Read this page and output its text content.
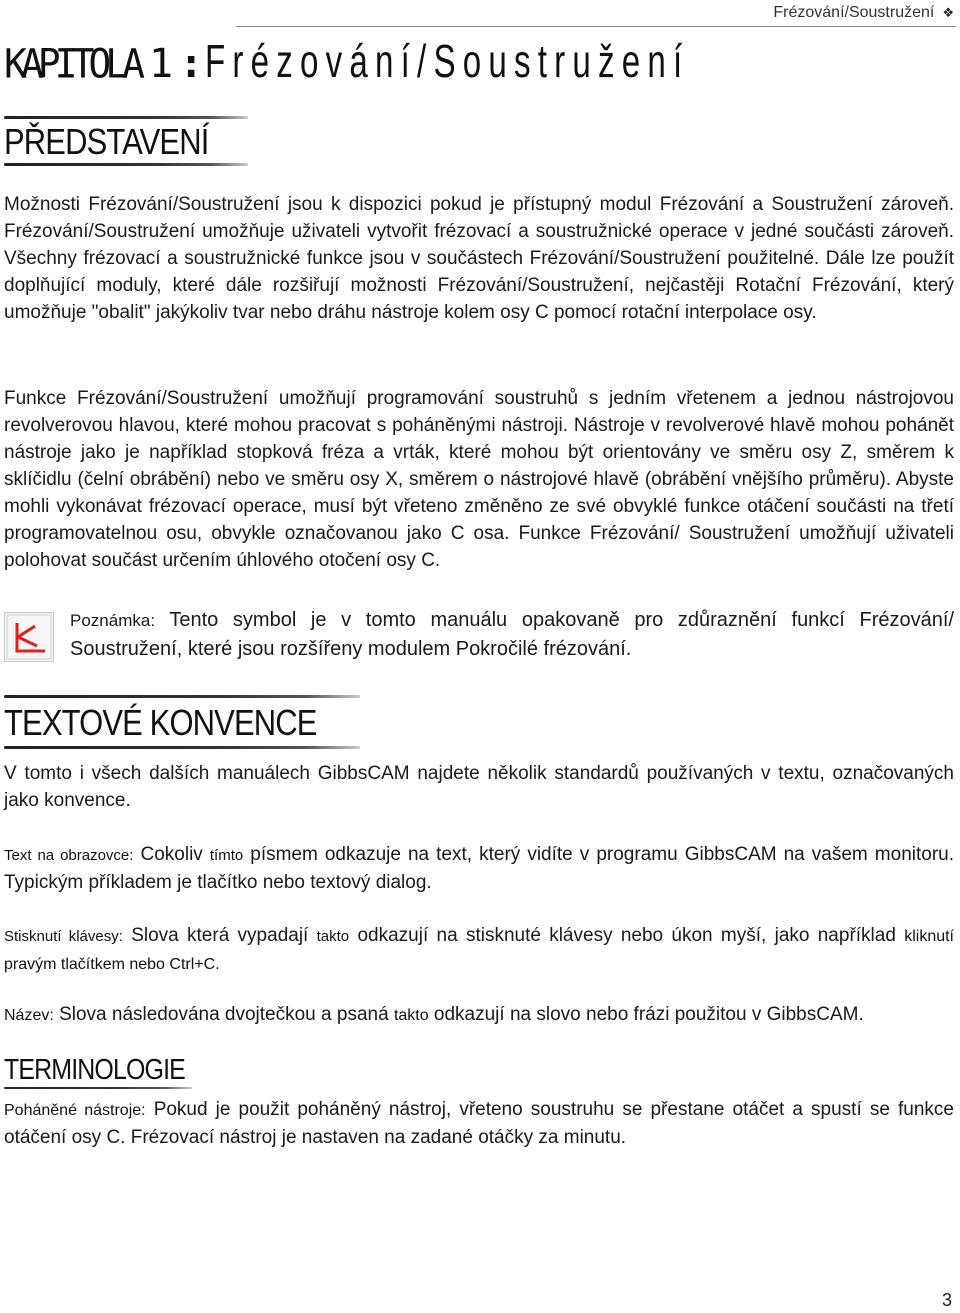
Frézování/Soustružení ❖
KAPITOLA 1 :Frézování/Soustružení
PŘEDSTAVENÍ

Možnosti Frézování/Soustružení jsou k dispozici pokud je přístupný modul Frézování a Soustružení zároveň. Frézování/Soustružení umožňuje uživateli vytvořit frézovací a soustružnické operace v jedné součásti zároveň. Všechny frézovací a soustružnické funkce jsou v součástech Frézování/Soustružení použitelné. Dále lze použít doplňující moduly, které dále rozšiřují možnosti Frézování/Soustružení, nejčastěji Rotační Frézování, který umožňuje "obalit" jakýkoliv tvar nebo dráhu nástroje kolem osy C pomocí rotační interpolace osy.

Funkce Frézování/Soustružení umožňují programování soustruhů s jedním vřetenem a jednou nástrojovou revolverovou hlavou, které mohou pracovat s poháněnými nástroji. Nástroje v revolverové hlavě mohou pohánět nástroje jako je například stopková fréza a vrták, které mohou být orientovány ve směru osy Z, směrem k sklíčidlu (čelní obrábění) nebo ve směru osy X, směrem o nástrojové hlavě (obrábění vnějšího průměru). Abyste mohli vykonávat frézovací operace, musí být vřeteno změněno ze své obvyklé funkce otáčení součásti na třetí programovatelnou osu, obvykle označovanou jako C osa. Funkce Frézování/ Soustružení umožňují uživateli polohovat součást určením úhlového otočení osy C.

Poznámka: Tento symbol je v tomto manuálu opakovaně pro zdůraznění funkcí Frézování/ Soustružení, které jsou rozšířeny modulem Pokročilé frézování.
TEXTOVÉ KONVENCE

V tomto i všech dalších manuálech GibbsCAM najdete několik standardů používaných v textu, označovaných jako konvence.

Text na obrazovce: Cokoliv tímto písmem odkazuje na text, který vidíte v programu GibbsCAM na vašem monitoru. Typickým příkladem je tlačítko nebo textový dialog.

Stisknutí klávesy: Slova která vypadají takto odkazují na stisknuté klávesy nebo úkon myší, jako například kliknutí pravým tlačítkem nebo Ctrl+C.

Název: Slova následována dvojtečkou a psaná takto odkazují na slovo nebo frázi použitou v GibbsCAM.

TERMINOLOGIE

Poháněné nástroje: Pokud je použit poháněný nástroj, vřeteno soustruhu se přestane otáčet a spustí se funkce otáčení osy C. Frézovací nástroj je nastaven na zadané otáčky za minutu.

3
